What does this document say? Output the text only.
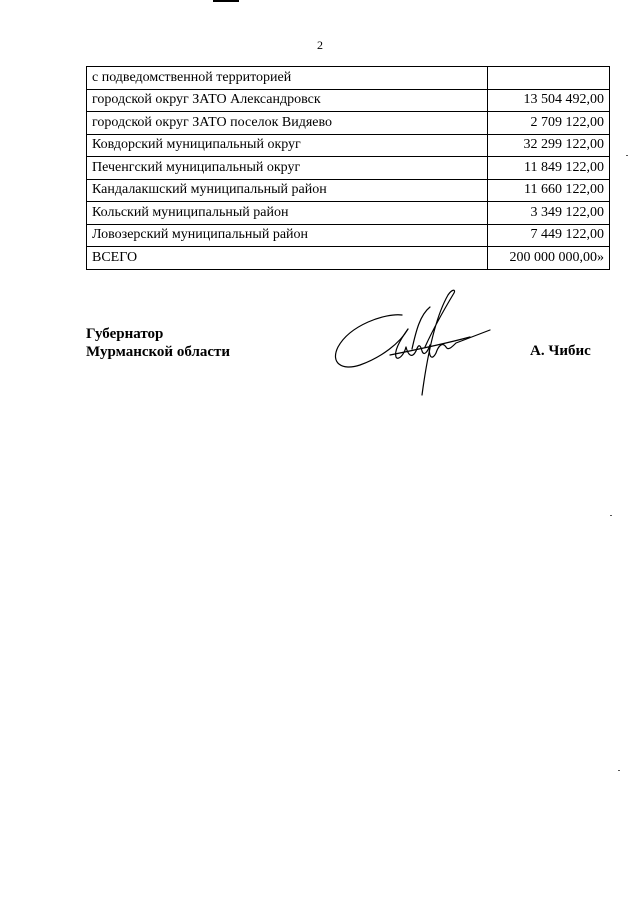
2
с подведомственной территорией	
городской округ ЗАТО Александровск	13 504 492,00
городской округ ЗАТО поселок Видяево	2 709 122,00
Ковдорский муниципальный округ	32 299 122,00
Печенгский муниципальный округ	11 849 122,00
Кандалакшский муниципальный район	11 660 122,00
Кольский муниципальный район	3 349 122,00
Ловозерский муниципальный район	7 449 122,00
ВСЕГО	200 000 000,00»
Губернатор
Мурманской области	А. Чибис
